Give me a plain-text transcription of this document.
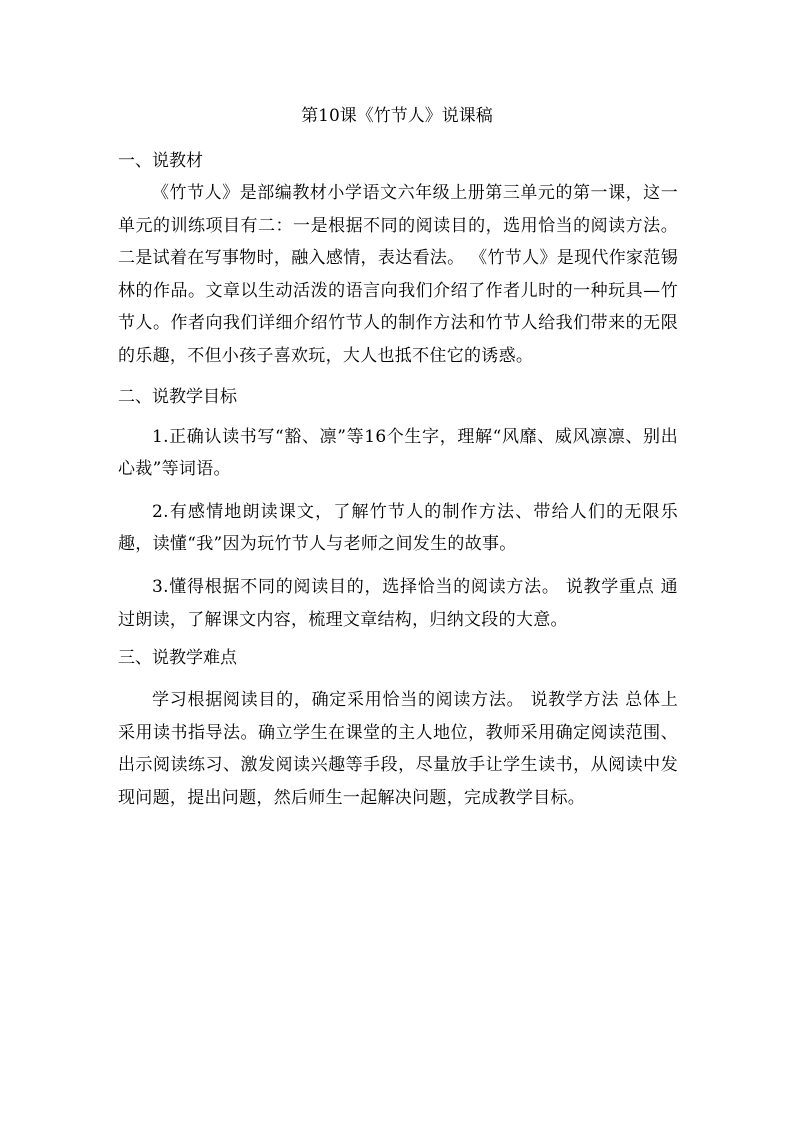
第10课《竹节人》说课稿
一、说教材

《竹节人》是部编教材小学语文六年级上册第三单元的第一课，这一单元的训练项目有二：一是根据不同的阅读目的，选用恰当的阅读方法。二是试着在写事物时，融入感情，表达看法。 《竹节人》是现代作家范锡林的作品。文章以生动活泼的语言向我们介绍了作者儿时的一种玩具—竹节人。作者向我们详细介绍竹节人的制作方法和竹节人给我们带来的无限的乐趣，不但小孩子喜欢玩，大人也抵不住它的诱惑。

二、说教学目标

1.正确认读书写“豁、凛”等16个生字，理解“风靡、威风凛凛、别出心裁”等词语。

2.有感情地朗读课文，了解竹节人的制作方法、带给人们的无限乐趣，读懂“我”因为玩竹节人与老师之间发生的故事。

3.懂得根据不同的阅读目的，选择恰当的阅读方法。 说教学重点 通过朗读，了解课文内容，梳理文章结构，归纳文段的大意。

三、说教学难点

学习根据阅读目的，确定采用恰当的阅读方法。 说教学方法 总体上采用读书指导法。确立学生在课堂的主人地位，教师采用确定阅读范围、出示阅读练习、激发阅读兴趣等手段，尽量放手让学生读书，从阅读中发现问题，提出问题，然后师生一起解决问题，完成教学目标。
